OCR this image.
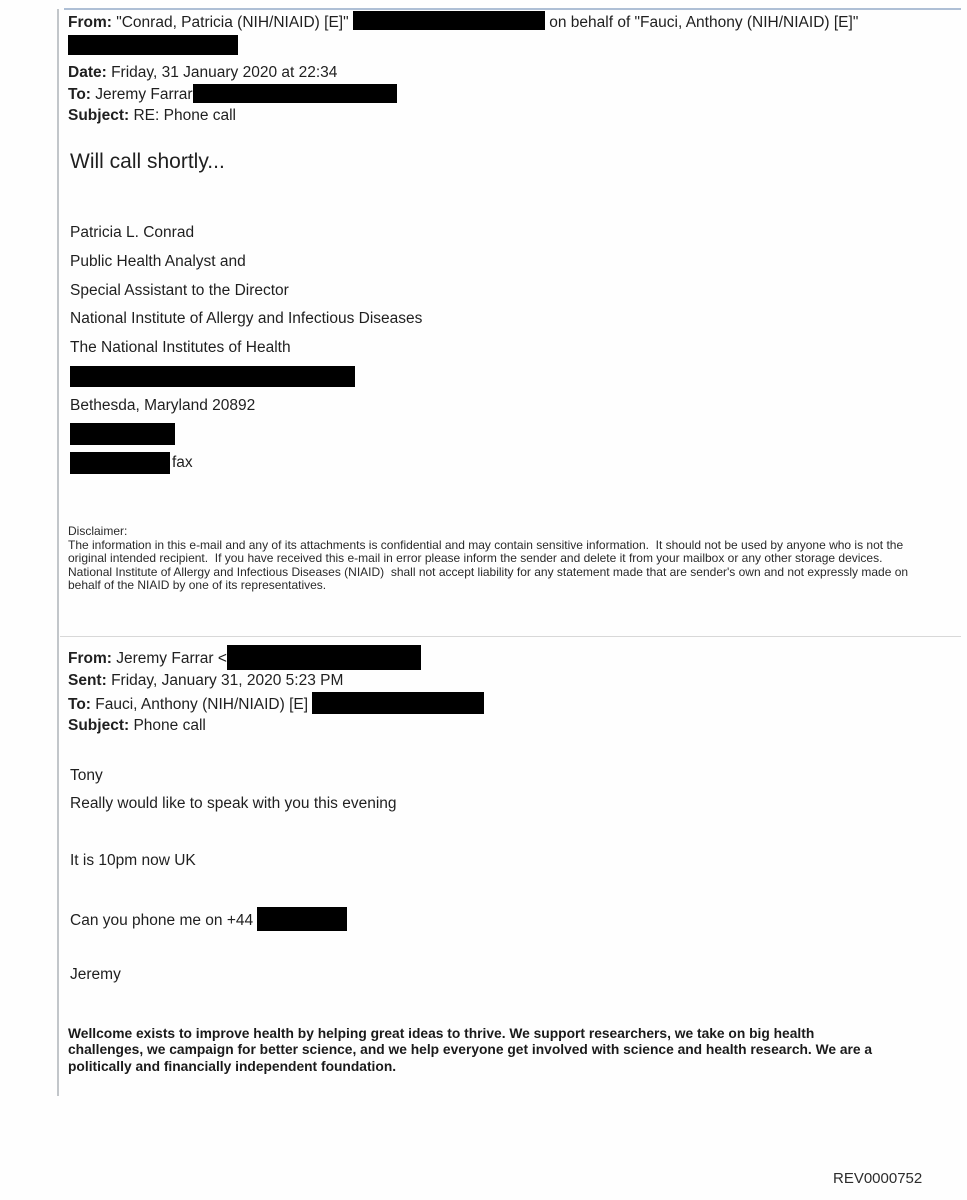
From: "Conrad, Patricia (NIH/NIAID) [E]"	on behalf of "Fauci, Anthony (NIH/NIAID) [E]"
Date: Friday, 31 January 2020 at 22:34
To: Jeremy Farrar
Subject: RE: Phone call
Will call shortly...
Patricia L. Conrad
Public Health Analyst and
Special Assistant to the Director
National Institute of Allergy and Infectious Diseases
The National Institutes of Health
Bethesda, Maryland 20892
fax
Disclaimer:
The information in this e-mail and any of its attachments is confidential and may contain sensitive information.  It should not be used by anyone who is not the original intended recipient.  If you have received this e-mail in error please inform the sender and delete it from your mailbox or any other storage devices.  National Institute of Allergy and Infectious Diseases (NIAID)  shall not accept liability for any statement made that are sender's own and not expressly made on behalf of the NIAID by one of its representatives.
From: Jeremy Farrar <
Sent: Friday, January 31, 2020 5:23 PM
To: Fauci, Anthony (NIH/NIAID) [E]
Subject: Phone call
Tony
Really would like to speak with you this evening
It is 10pm now UK
Can you phone me on +44
Jeremy
Wellcome exists to improve health by helping great ideas to thrive. We support researchers, we take on big health challenges, we campaign for better science, and we help everyone get involved with science and health research. We are a politically and financially independent foundation.
REV0000752
